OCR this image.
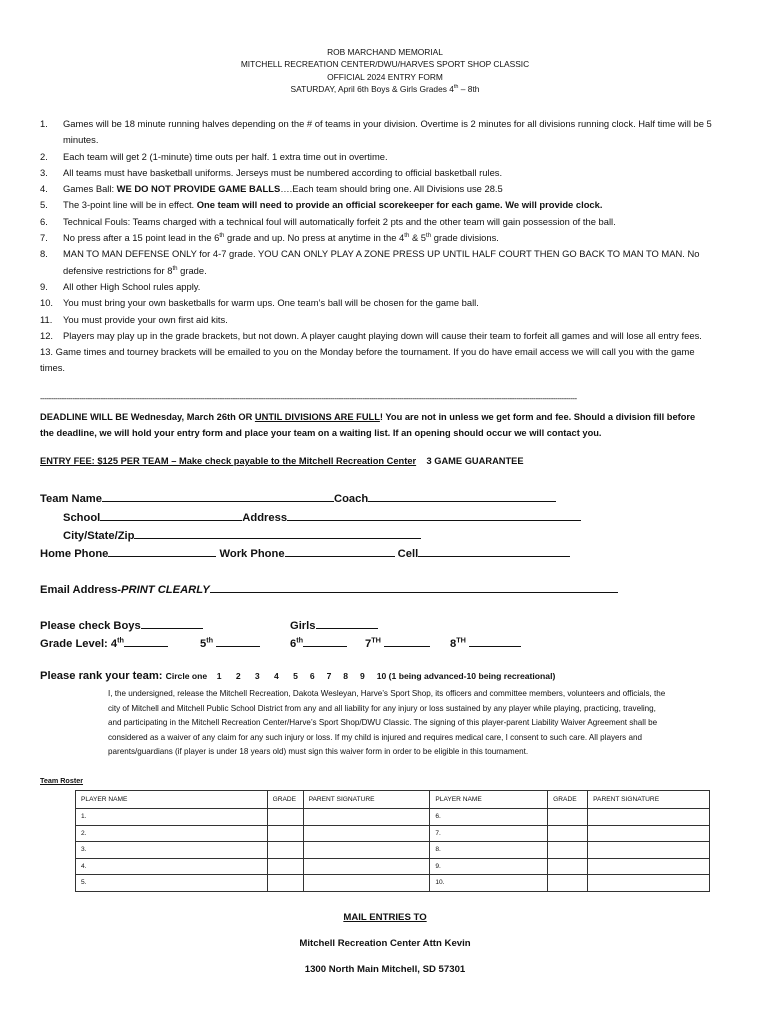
ROB MARCHAND MEMORIAL
MITCHELL RECREATION CENTER/DWU/HARVES SPORT SHOP CLASSIC
OFFICIAL 2024 ENTRY FORM
SATURDAY, April 6th Boys & Girls Grades 4th – 8th
1.	Games will be 18 minute running halves depending on the # of teams in your division. Overtime is 2 minutes for all divisions running clock. Half time will be 5 minutes.
2.	Each team will get 2 (1-minute) time outs per half. 1 extra time out in overtime.
3.	All teams must have basketball uniforms. Jerseys must be numbered according to official basketball rules.
4.	Games Ball: WE DO NOT PROVIDE GAME BALLS….Each team should bring one. All Divisions use 28.5
5.	The 3-point line will be in effect. One team will need to provide an official scorekeeper for each game. We will provide clock.
6.	Technical Fouls: Teams charged with a technical foul will automatically forfeit 2 pts and the other team will gain possession of the ball.
7.	No press after a 15 point lead in the 6th grade and up. No press at anytime in the 4th & 5th grade divisions.
8.	MAN TO MAN DEFENSE ONLY for 4-7 grade. YOU CAN ONLY PLAY A ZONE PRESS UP UNTIL HALF COURT THEN GO BACK TO MAN TO MAN. No defensive restrictions for 8th grade.
9.	All other High School rules apply.
10.	You must bring your own basketballs for warm ups. One team’s ball will be chosen for the game ball.
11.	You must provide your own first aid kits.
12.	Players may play up in the grade brackets, but not down. A player caught playing down will cause their team to forfeit all games and will lose all entry fees.
13. Game times and tourney brackets will be emailed to you on the Monday before the tournament. If you do have email access we will call you with the game times.
--------------------------------------------------------------------------------------------------------------------------------------------------------------------------------------------------------------------------------------------------------
DEADLINE WILL BE Wednesday, March 26th OR UNTIL DIVISIONS ARE FULL! You are not in unless we get form and fee. Should a division fill before the deadline, we will hold your entry form and place your team on a waiting list. If an opening should occur we will contact you.
ENTRY FEE: $125 PER TEAM – Make check payable to the Mitchell Recreation Center 3 GAME GUARANTEE
Team Name	Coach
School	Address
City/State/Zip
Home Phone	Work Phone	Cell
Email Address-PRINT CLEARLY
Please check Boys	Girls
Grade Level: 4th	5th	6th	7TH	8TH
Please rank your team: Circle one    1      2      3      4      5     6     7     8     9     10 (1 being advanced-10 being recreational)
I, the undersigned, release the Mitchell Recreation, Dakota Wesleyan, Harve’s Sport Shop, its officers and committee members, volunteers and officials, the city of Mitchell and Mitchell Public School District from any and all liability for any injury or loss sustained by any player while playing, practicing, traveling, and participating in the Mitchell Recreation Center/Harve’s Sport Shop/DWU Classic. The signing of this player-parent Liability Waiver Agreement shall be considered as a waiver of any claim for any such injury or loss. If my child is injured and requires medical care, I consent to such care. All players and parents/guardians (if player is under 18 years old) must sign this waiver form in order to be eligible in this tournament.
Team Roster
PLAYER NAME	GRADE	PARENT SIGNATURE	PLAYER NAME	GRADE	PARENT SIGNATURE
1.			6.		
2.			7.		
3.			8.		
4.			9.		
5.			10.		
MAIL ENTRIES TO
Mitchell Recreation Center Attn Kevin
1300 North Main Mitchell, SD 57301
